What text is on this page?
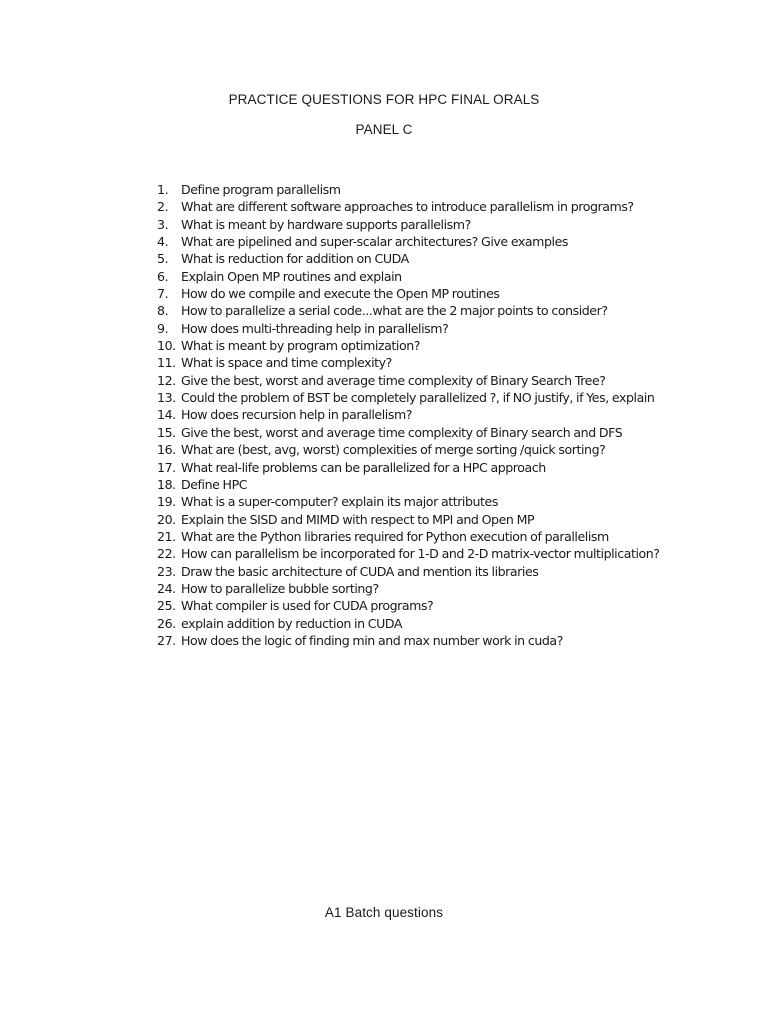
PRACTICE QUESTIONS FOR HPC FINAL ORALS
PANEL C
1.	Define program parallelism
2.	What are different software approaches to introduce parallelism in programs?
3.	What is meant by hardware supports parallelism?
4.	What are pipelined and super-scalar architectures? Give examples
5.	What is reduction for addition on CUDA
6.	Explain Open MP routines and explain
7.	How do we compile and execute the Open MP routines
8.	How to parallelize a serial code...what are the 2 major points to consider?
9.	How does multi-threading help in parallelism?
10. What is meant by program optimization?
11. What is space and time complexity?
12. Give the best, worst and average time complexity of Binary Search Tree?
13. Could the problem of BST be completely parallelized ?, if NO justify, if Yes, explain
14. How does recursion help in parallelism?
15. Give the best, worst and average time complexity of Binary search and DFS
16. What are (best, avg, worst) complexities of merge sorting /quick sorting?
17. What real-life problems can be parallelized for a HPC approach
18. Define HPC
19. What is a super-computer? explain its major attributes
20. Explain the SISD and MIMD with respect to MPI and Open MP
21. What are the Python libraries required for Python execution of parallelism
22. How can parallelism be incorporated for 1-D and 2-D matrix-vector multiplication?
23. Draw the basic architecture of CUDA and mention its libraries
24. How to parallelize bubble sorting?
25. What compiler is used for CUDA programs?
26. explain addition by reduction in CUDA
27. How does the logic of finding min and max number work in cuda?
A1 Batch questions
